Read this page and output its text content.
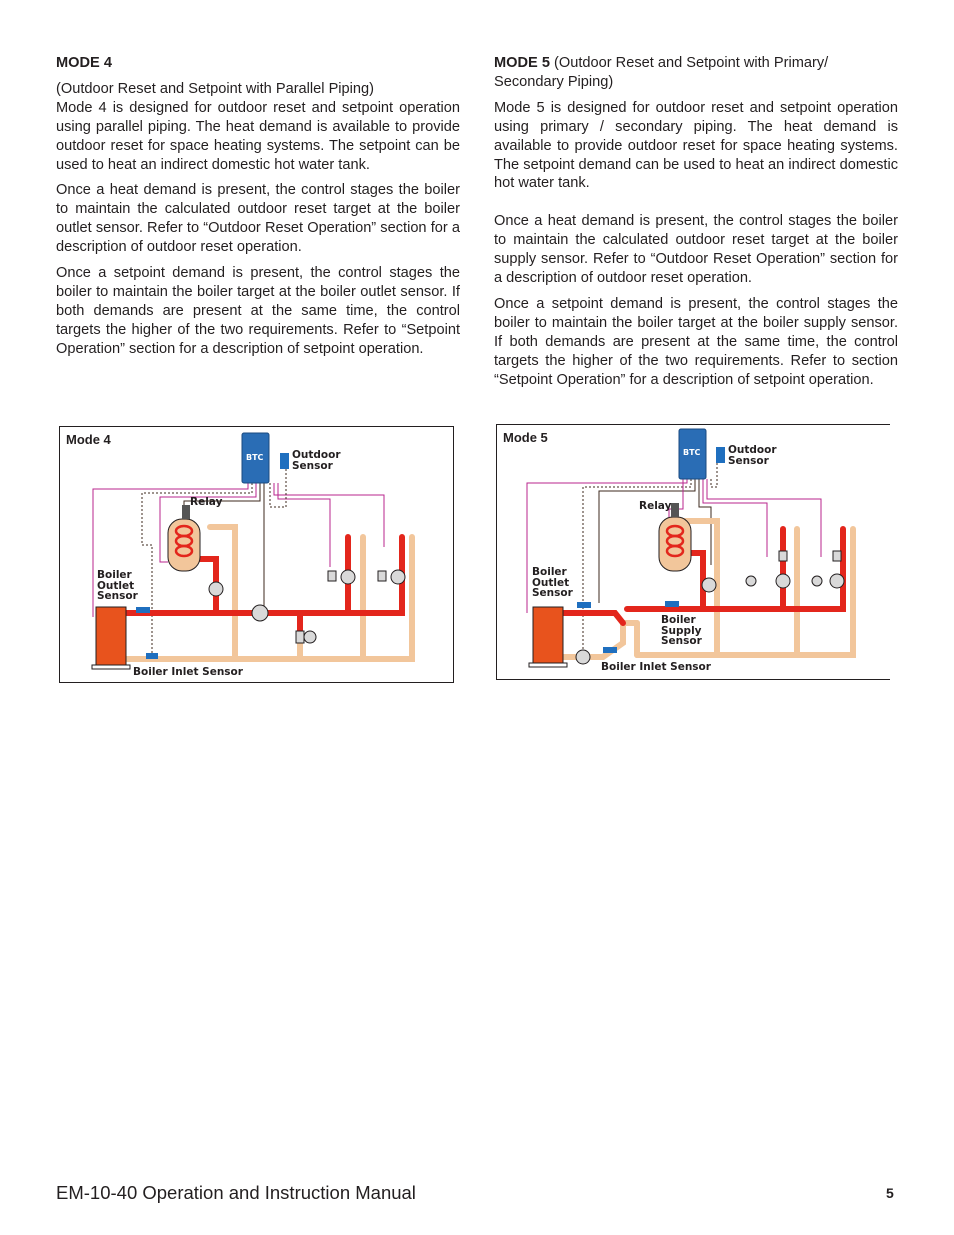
MODE 4

(Outdoor Reset and Setpoint with Parallel Piping)

Mode 4 is designed for outdoor reset and setpoint operation using parallel piping. The heat demand is available to provide outdoor reset for space heating systems. The setpoint can be used to heat an indirect domestic hot water tank.

Once a heat demand is present, the control stages the boiler to maintain the calculated outdoor reset target at the boiler outlet sensor. Refer to “Outdoor Reset Operation” section for a description of outdoor reset operation.

Once a setpoint demand is present, the control stages the boiler to maintain the boiler target at the boiler outlet sensor. If both demands are present at the same time, the control targets the higher of the two requirements. Refer to “Setpoint Operation” section for a description of setpoint operation.

MODE 5 (Outdoor Reset and Setpoint with Primary/ Secondary Piping)

Mode 5 is designed for outdoor reset and setpoint operation using primary / secondary piping. The heat demand is available to provide outdoor reset for space heating systems. The setpoint demand can be used to heat an indirect domestic hot water tank.

Once a heat demand is present, the control stages the boiler to maintain the calculated outdoor reset target at the boiler supply sensor. Refer to “Outdoor Reset Operation” section for a description of outdoor reset operation.

Once a setpoint demand is present, the control stages the boiler to maintain the boiler target at the boiler supply sensor. If both demands are present at the same time, the control targets the higher of the two requirements. Refer to section “Setpoint Operation” for a description of setpoint operation.

Mode 4
BTC	Outdoor Sensor
Relay
Boiler Outlet Sensor
Boiler Inlet Sensor
Mode 5
BTC	Outdoor Sensor
Relay
Boiler Outlet Sensor
Boiler Supply Sensor
Boiler Inlet Sensor
EM-10-40 Operation and Instruction Manual	5
